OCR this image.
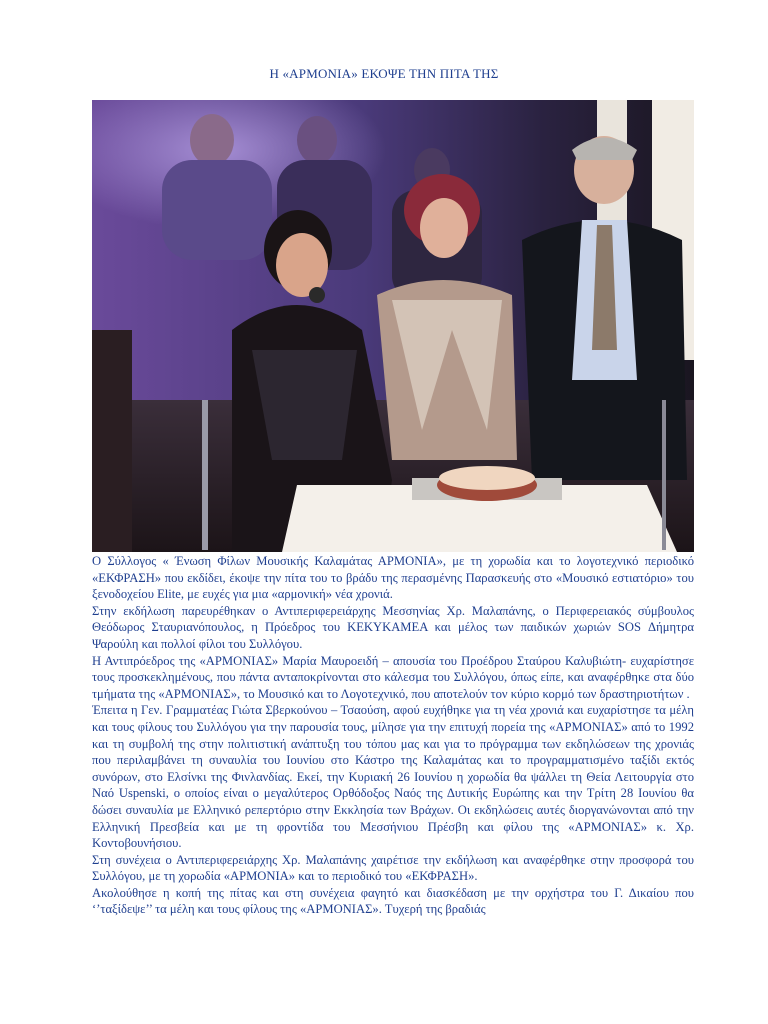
Η «ΑΡΜΟΝΙΑ» ΕΚΟΨΕ ΤΗΝ ΠΙΤΑ ΤΗΣ

Ο Σύλλογος « Ένωση Φίλων Μουσικής Καλαμάτας ΑΡΜΟΝΙΑ», με τη χορωδία και το λογοτεχνικό περιοδικό «ΕΚΦΡΑΣΗ» που εκδίδει, έκοψε την πίτα του το βράδυ της περασμένης Παρασκευής στο «Μουσικό εστιατόριο» του ξενοδοχείου Elite, με ευχές για μια «αρμονική» νέα χρονιά.

Στην εκδήλωση παρευρέθηκαν ο Αντιπεριφερειάρχης Μεσσηνίας Χρ. Μαλαπάνης, ο Περιφερειακός σύμβουλος Θεόδωρος Σταυριανόπουλος, η Πρόεδρος του ΚΕΚΥΚΑΜΕΑ και μέλος των παιδικών χωριών SOS Δήμητρα Ψαρούλη και πολλοί φίλοι του Συλλόγου.

Η Αντιπρόεδρος της «ΑΡΜΟΝΙΑΣ» Μαρία Μαυροειδή – απουσία του Προέδρου Σταύρου Καλυβιώτη- ευχαρίστησε τους προσκεκλημένους, που πάντα ανταποκρίνονται στο κάλεσμα του Συλλόγου, όπως είπε, και αναφέρθηκε στα δύο τμήματα της «ΑΡΜΟΝΙΑΣ», το Μουσικό και το Λογοτεχνικό, που αποτελούν τον κύριο κορμό των δραστηριοτήτων .

Έπειτα η Γεν. Γραμματέας Γιώτα Σβερκούνου – Τσαούση, αφού ευχήθηκε για τη νέα χρονιά και ευχαρίστησε τα μέλη και τους φίλους του Συλλόγου για την παρουσία τους, μίλησε για την επιτυχή πορεία της «ΑΡΜΟΝΙΑΣ» από το 1992 και τη συμβολή της στην πολιτιστική ανάπτυξη του τόπου μας και για το πρόγραμμα των εκδηλώσεων της χρονιάς που περιλαμβάνει τη συναυλία του Ιουνίου στο Κάστρο της Καλαμάτας και το προγραμματισμένο ταξίδι εκτός συνόρων, στο Ελσίνκι της Φινλανδίας. Εκεί, την Κυριακή 26 Ιουνίου η χορωδία θα ψάλλει τη Θεία Λειτουργία στο Ναό Uspenski, ο οποίος είναι ο μεγαλύτερος Ορθόδοξος Ναός της Δυτικής Ευρώπης και την Τρίτη 28 Ιουνίου θα δώσει συναυλία με Ελληνικό ρεπερτόριο στην Εκκλησία των Βράχων. Οι εκδηλώσεις αυτές διοργανώνονται από την Ελληνική Πρεσβεία και με τη φροντίδα του Μεσσήνιου Πρέσβη και φίλου της «ΑΡΜΟΝΙΑΣ» κ. Χρ. Κοντοβουνήσιου.

Στη συνέχεια ο Αντιπεριφερειάρχης Χρ. Μαλαπάνης χαιρέτισε την εκδήλωση και αναφέρθηκε στην προσφορά του Συλλόγου, με τη χορωδία «ΑΡΜΟΝΙΑ» και το περιοδικό του «ΕΚΦΡΑΣΗ».

Ακολούθησε η κοπή της πίτας και στη συνέχεια φαγητό και διασκέδαση με την ορχήστρα του Γ. Δικαίου που ‘’ταξίδεψε’’ τα μέλη και τους φίλους της «ΑΡΜΟΝΙΑΣ». Τυχερή της βραδιάς
